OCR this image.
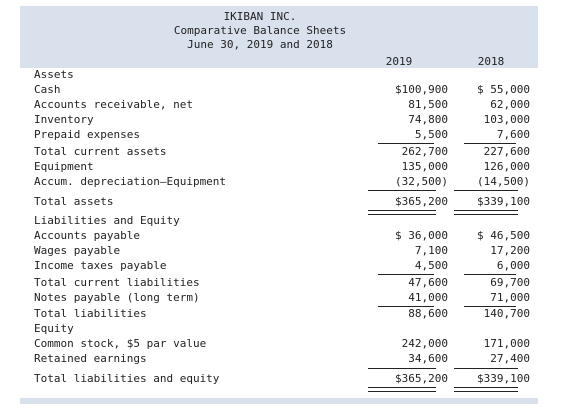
IKIBAN INC.
Comparative Balance Sheets
June 30, 2019 and 2018
2019	2018
Assets
Cash	$100,900	$ 55,000
Accounts receivable, net	81,500	62,000
Inventory	74,800	103,000
Prepaid expenses	5,500	7,600
Total current assets	262,700	227,600
Equipment	135,000	126,000
Accum. depreciation—Equipment	(32,500)	(14,500)
Total assets	$365,200	$339,100
Liabilities and Equity
Accounts payable	$ 36,000	$ 46,500
Wages payable	7,100	17,200
Income taxes payable	4,500	6,000
Total current liabilities	47,600	69,700
Notes payable (long term)	41,000	71,000
Total liabilities	88,600	140,700
Equity
Common stock, $5 par value	242,000	171,000
Retained earnings	34,600	27,400
Total liabilities and equity	$365,200	$339,100
